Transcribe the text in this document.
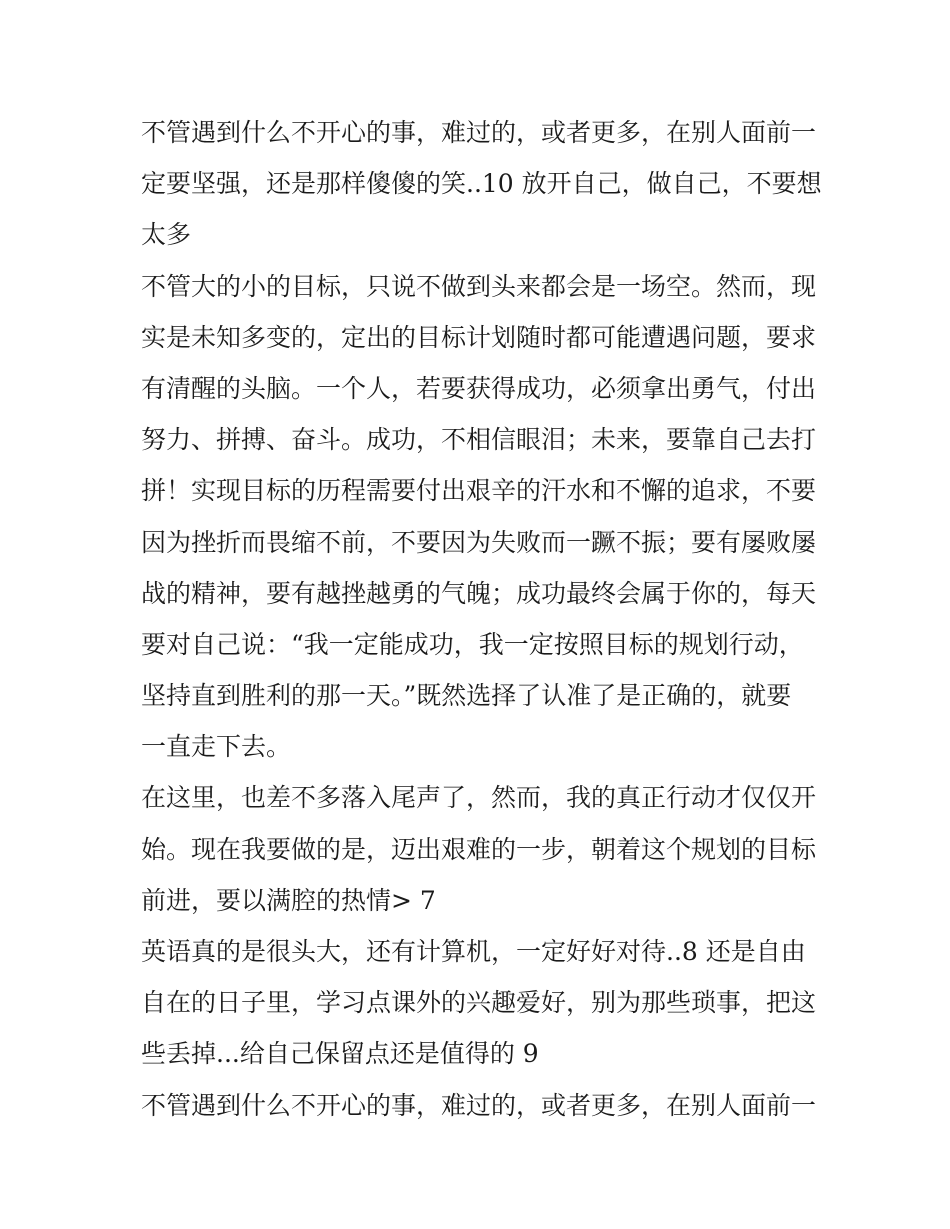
不管遇到什么不开心的事，难过的，或者更多，在别人面前一
定要坚强，还是那样傻傻的笑..10 放开自己，做自己，不要想
太多
不管大的小的目标，只说不做到头来都会是一场空。然而，现
实是未知多变的，定出的目标计划随时都可能遭遇问题，要求
有清醒的头脑。一个人，若要获得成功，必须拿出勇气，付出
努力、拼搏、奋斗。成功，不相信眼泪；未来，要靠自己去打
拼！实现目标的历程需要付出艰辛的汗水和不懈的追求，不要
因为挫折而畏缩不前，不要因为失败而一蹶不振；要有屡败屡
战的精神，要有越挫越勇的气魄；成功最终会属于你的，每天
要对自己说：“我一定能成功，我一定按照目标的规划行动，
坚持直到胜利的那一天。”既然选择了认准了是正确的，就要
一直走下去。
在这里，也差不多落入尾声了，然而，我的真正行动才仅仅开
始。现在我要做的是，迈出艰难的一步，朝着这个规划的目标
前进，要以满腔的热情> 7
英语真的是很头大，还有计算机，一定好好对待..8 还是自由
自在的日子里，学习点课外的兴趣爱好，别为那些琐事，把这
些丢掉...给自己保留点还是值得的 9
不管遇到什么不开心的事，难过的，或者更多，在别人面前一
